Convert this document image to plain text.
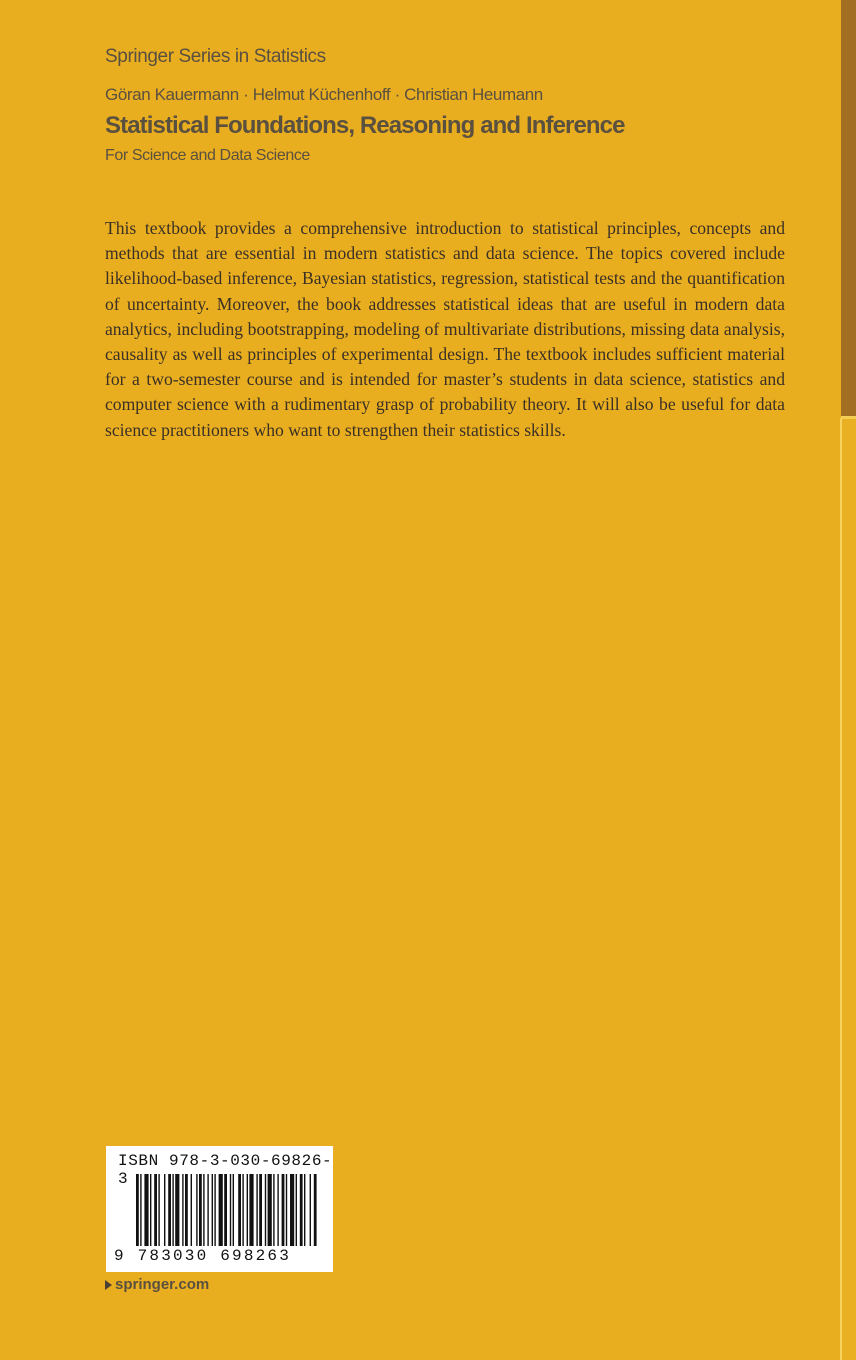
Springer Series in Statistics
Göran Kauermann · Helmut Küchenhoff · Christian Heumann
Statistical Foundations, Reasoning and Inference
For Science and Data Science

This textbook provides a comprehensive introduction to statistical principles, concepts and methods that are essential in modern statistics and data science. The topics covered include likelihood-based inference, Bayesian statistics, regression, statistical tests and the quantification of uncertainty. Moreover, the book addresses statistical ideas that are useful in modern data analytics, including bootstrapping, modeling of multivariate distributions, missing data analysis, causality as well as principles of experimental design. The textbook includes sufficient material for a two-semester course and is intended for master’s students in data science, statistics and computer science with a rudimentary grasp of probability theory. It will also be useful for data science practitioners who want to strengthen their statistics skills.

ISBN 978-3-030-69826-3
9 783030 698263
springer.com
